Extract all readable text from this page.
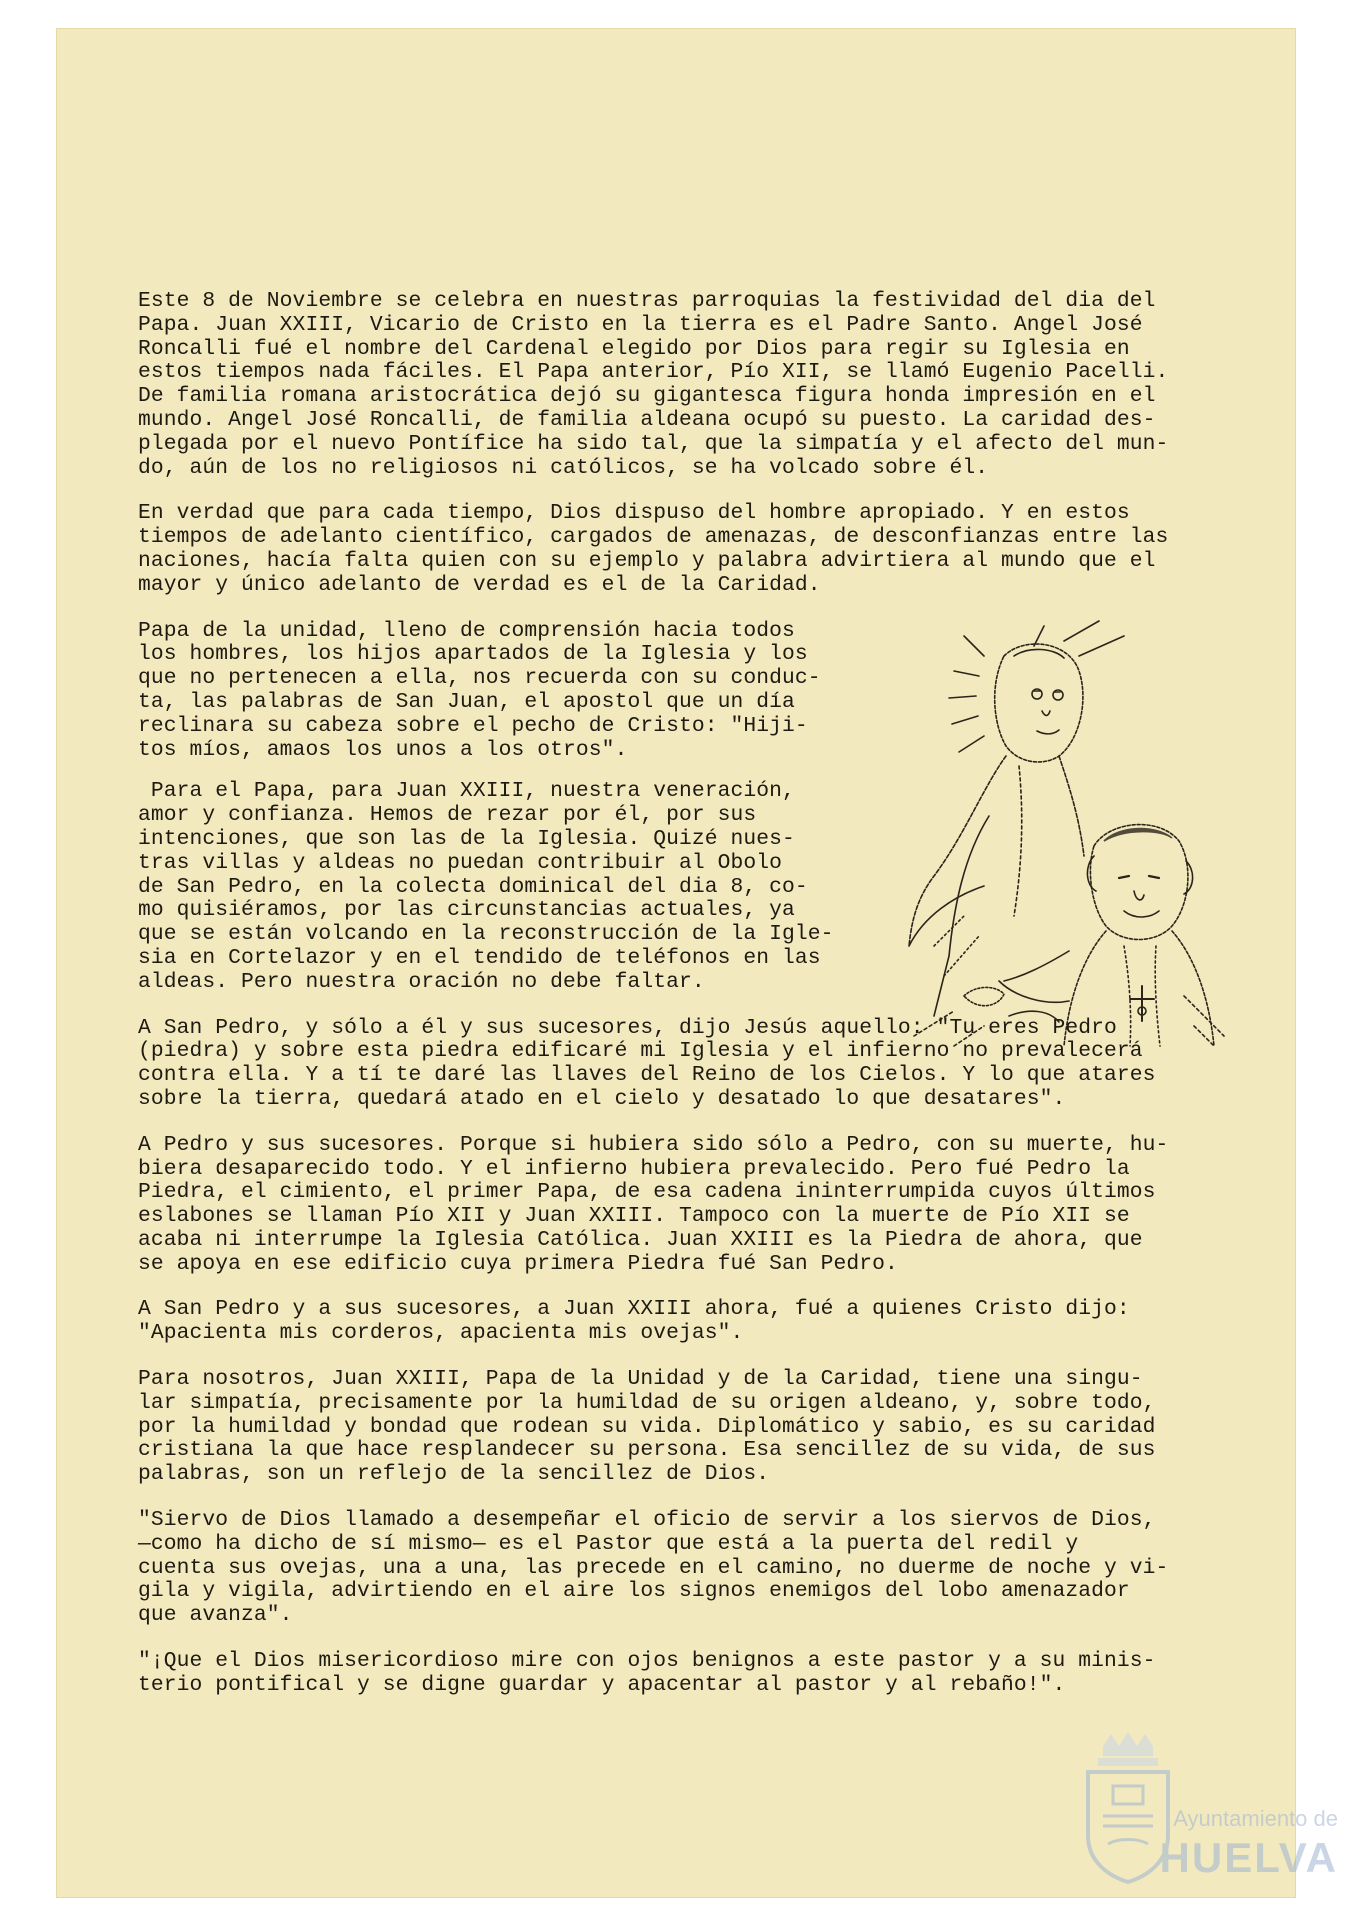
Este 8 de Noviembre se celebra en nuestras parroquias la festividad del dia del
Papa. Juan XXIII, Vicario de Cristo en la tierra es el Padre Santo. Angel José
Roncalli fué el nombre del Cardenal elegido por Dios para regir su Iglesia en
estos tiempos nada fáciles. El Papa anterior, Pío XII, se llamó Eugenio Pacelli.
De familia romana aristocrática dejó su gigantesca figura honda impresión en el
mundo. Angel José Roncalli, de familia aldeana ocupó su puesto. La caridad des-
plegada por el nuevo Pontífice ha sido tal, que la simpatía y el afecto del mun-
do, aún de los no religiosos ni católicos, se ha volcado sobre él.
En verdad que para cada tiempo, Dios dispuso del hombre apropiado. Y en estos
tiempos de adelanto científico, cargados de amenazas, de desconfianzas entre las
naciones, hacía falta quien con su ejemplo y palabra advirtiera al mundo que el
mayor y único adelanto de verdad es el de la Caridad.
Papa de la unidad, lleno de comprensión hacia todos
los hombres, los hijos apartados de la Iglesia y los
que no pertenecen a ella, nos recuerda con su conduc-
ta, las palabras de San Juan, el apostol que un día
reclinara su cabeza sobre el pecho de Cristo: "Hiji-
tos míos, amaos los unos a los otros".
Para el Papa, para Juan XXIII, nuestra veneración,
amor y confianza. Hemos de rezar por él, por sus
intenciones, que son las de la Iglesia. Quizé nues-
tras villas y aldeas no puedan contribuir al Obolo
de San Pedro, en la colecta dominical del dia 8, co-
mo quisiéramos, por las circunstancias actuales, ya
que se están volcando en la reconstrucción de la Igle-
sia en Cortelazor y en el tendido de teléfonos en las
aldeas. Pero nuestra oración no debe faltar.
A San Pedro, y sólo a él y sus sucesores, dijo Jesús aquello: "Tu eres Pedro
(piedra) y sobre esta piedra edificaré mi Iglesia y el infierno no prevalecerá
contra ella. Y a tí te daré las llaves del Reino de los Cielos. Y lo que atares
sobre la tierra, quedará atado en el cielo y desatado lo que desatares".
A Pedro y sus sucesores. Porque si hubiera sido sólo a Pedro, con su muerte, hu-
biera desaparecido todo. Y el infierno hubiera prevalecido. Pero fué Pedro la
Piedra, el cimiento, el primer Papa, de esa cadena ininterrumpida cuyos últimos
eslabones se llaman Pío XII y Juan XXIII. Tampoco con la muerte de Pío XII se
acaba ni interrumpe la Iglesia Católica. Juan XXIII es la Piedra de ahora, que
se apoya en ese edificio cuya primera Piedra fué San Pedro.
A San Pedro y a sus sucesores, a Juan XXIII ahora, fué a quienes Cristo dijo:
"Apacienta mis corderos, apacienta mis ovejas".
Para nosotros, Juan XXIII, Papa de la Unidad y de la Caridad, tiene una singu-
lar simpatía, precisamente por la humildad de su origen aldeano, y, sobre todo,
por la humildad y bondad que rodean su vida. Diplomático y sabio, es su caridad
cristiana la que hace resplandecer su persona. Esa sencillez de su vida, de sus
palabras, son un reflejo de la sencillez de Dios.
"Siervo de Dios llamado a desempeñar el oficio de servir a los siervos de Dios,
—como ha dicho de sí mismo— es el Pastor que está a la puerta del redil y
cuenta sus ovejas, una a una, las precede en el camino, no duerme de noche y vi-
gila y vigila, advirtiendo en el aire los signos enemigos del lobo amenazador
que avanza".
"¡Que el Dios misericordioso mire con ojos benignos a este pastor y a su minis-
terio pontifical y se digne guardar y apacentar al pastor y al rebaño!".
Ayuntamiento de
HUELVA
